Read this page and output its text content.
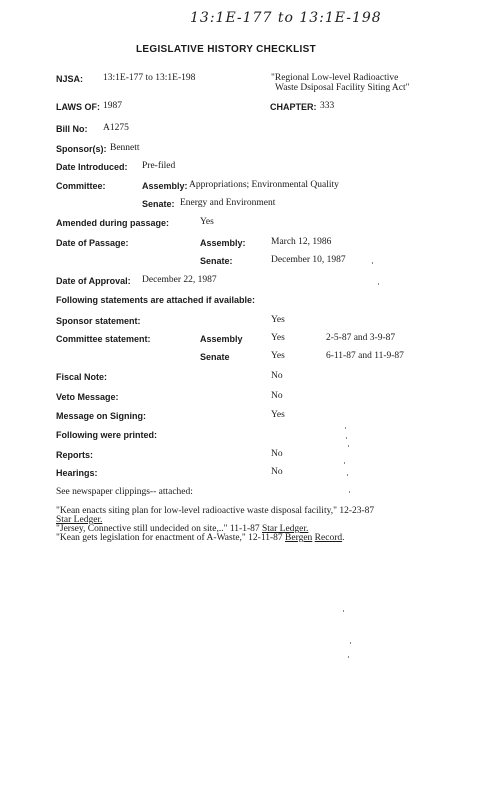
13:1E-177 to 13:1E-198
LEGISLATIVE HISTORY CHECKLIST
NJSA: 13:1E-177 to 13:1E-198	"Regional Low-level Radioactive
Waste Dsiposal Facility Siting Act"
LAWS OF: 1987	CHAPTER: 333
Bill No: A1275
Sponsor(s): Bennett
Date Introduced: Pre-filed
Committee:	Assembly: Appropriations; Environmental Quality
Senate: Energy and Environment
Amended during passage:	Yes
Date of Passage:	Assembly:	March 12, 1986
Senate:	December 10, 1987
Date of Approval: December 22, 1987
Following statements are attached if available:
Sponsor statement:	Yes
Committee statement:	Assembly	Yes	2-5-87 and 3-9-87
Senate	Yes	6-11-87 and 11-9-87
Fiscal Note:	No
Veto Message:	No
Message on Signing:	Yes
Following were printed:
Reports:	No
Hearings:	No
See newspaper clippings-- attached:
"Kean enacts siting plan for low-level radioactive waste disposal facility," 12-23-87
Star Ledger.
"Jersey, Connective still undecided on site,.." 11-1-87 Star Ledger.
"Kean gets legislation for enactment of A-Waste," 12-11-87 Bergen Record.
